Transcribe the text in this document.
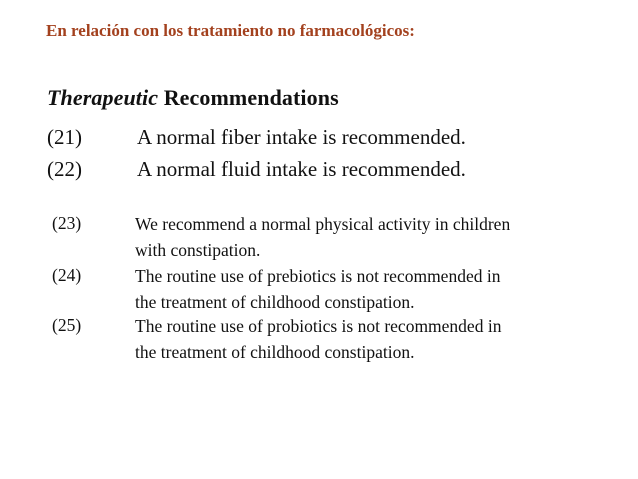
En relación con los tratamiento no farmacológicos:
Therapeutic Recommendations
(21)	A normal fiber intake is recommended.
(22)	A normal fluid intake is recommended.
(23)	We recommend a normal physical activity in children
with constipation.
(24)	The routine use of prebiotics is not recommended in
the treatment of childhood constipation.
(25)	The routine use of probiotics is not recommended in
the treatment of childhood constipation.
